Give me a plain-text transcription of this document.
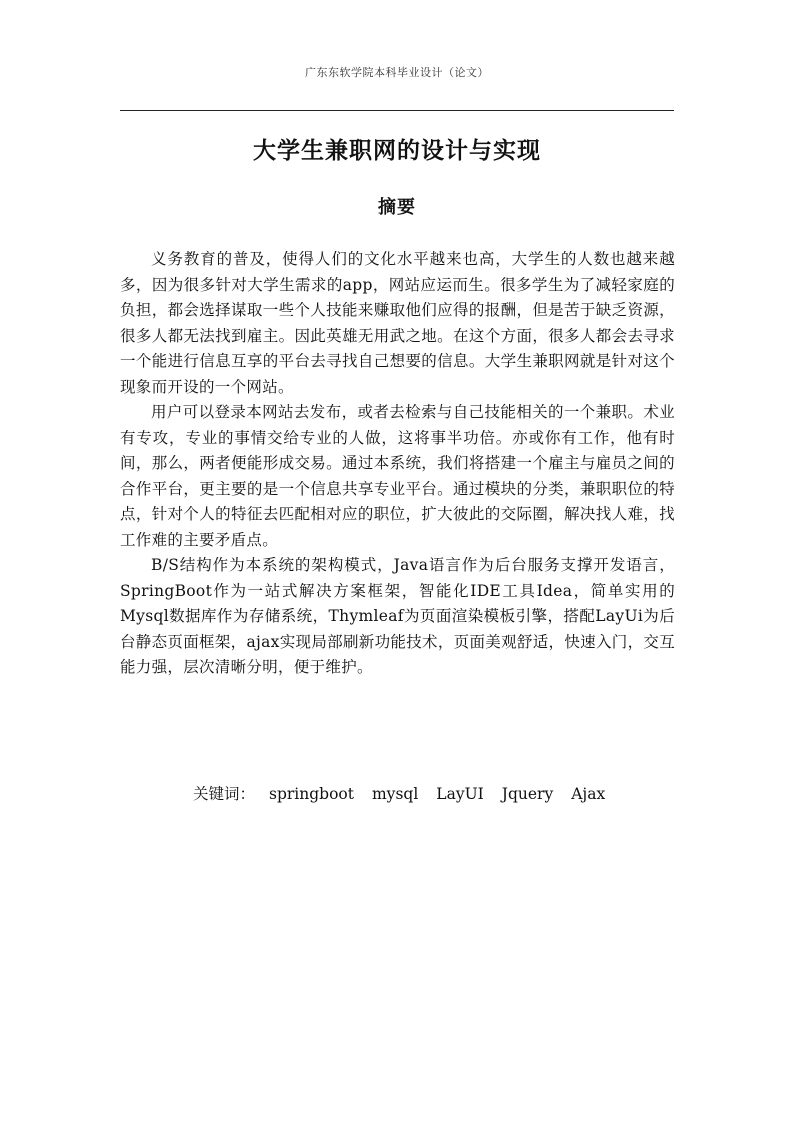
广东东软学院本科毕业设计（论文）
大学生兼职网的设计与实现
摘要

义务教育的普及，使得人们的文化水平越来也高，大学生的人数也越来越多，因为很多针对大学生需求的app，网站应运而生。很多学生为了减轻家庭的负担，都会选择谋取一些个人技能来赚取他们应得的报酬，但是苦于缺乏资源，很多人都无法找到雇主。因此英雄无用武之地。在这个方面，很多人都会去寻求一个能进行信息互享的平台去寻找自己想要的信息。大学生兼职网就是针对这个现象而开设的一个网站。

用户可以登录本网站去发布，或者去检索与自己技能相关的一个兼职。术业有专攻，专业的事情交给专业的人做，这将事半功倍。亦或你有工作，他有时间，那么，两者便能形成交易。通过本系统，我们将搭建一个雇主与雇员之间的合作平台，更主要的是一个信息共享专业平台。通过模块的分类，兼职职位的特点，针对个人的特征去匹配相对应的职位，扩大彼此的交际圈，解决找人难，找工作难的主要矛盾点。

B/S结构作为本系统的架构模式，Java语言作为后台服务支撑开发语言，SpringBoot作为一站式解决方案框架，智能化IDE工具Idea，简单实用的Mysql数据库作为存储系统，Thymleaf为页面渲染模板引擎，搭配LayUi为后台静态页面框架，ajax实现局部刷新功能技术，页面美观舒适，快速入门，交互能力强，层次清晰分明，便于维护。

关键词： springboot mysql LayUI Jquery Ajax
